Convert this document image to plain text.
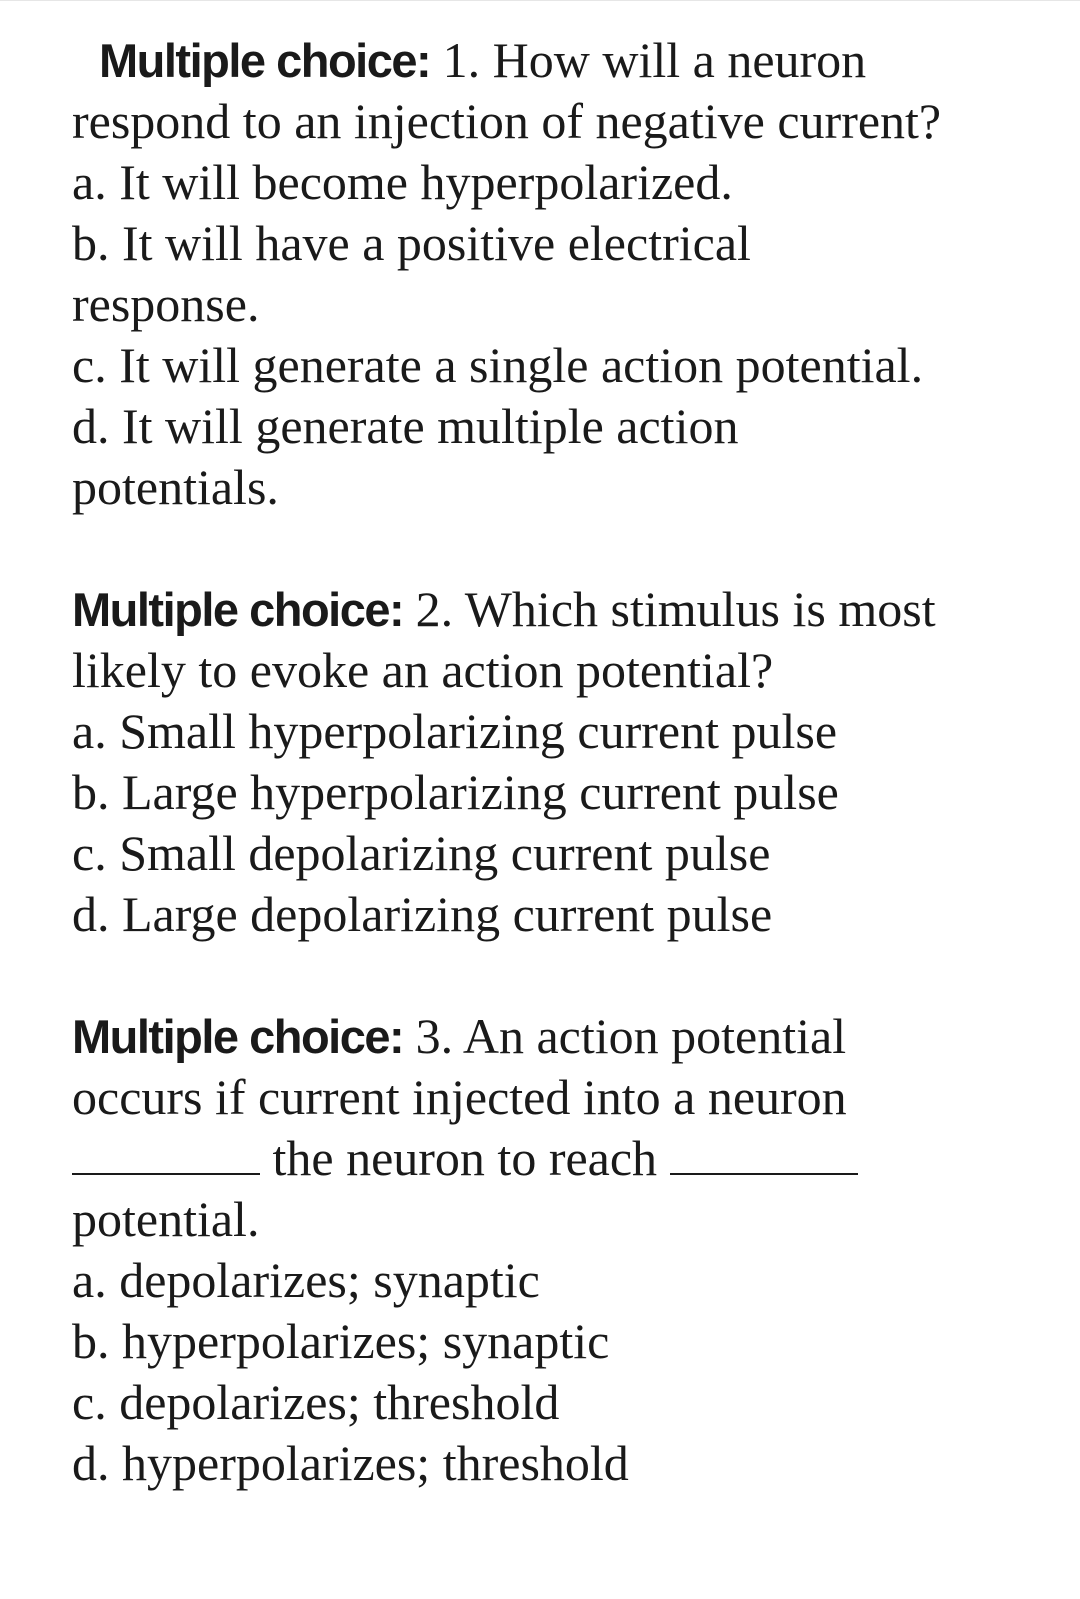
Multiple choice: 1. How will a neuron
respond to an injection of negative current?
a. It will become hyperpolarized.
b. It will have a positive electrical
response.
c. It will generate a single action potential.
d. It will generate multiple action
potentials.
Multiple choice: 2. Which stimulus is most
likely to evoke an action potential?
a. Small hyperpolarizing current pulse
b. Large hyperpolarizing current pulse
c. Small depolarizing current pulse
d. Large depolarizing current pulse
Multiple choice: 3. An action potential
occurs if current injected into a neuron
the neuron to reach
potential.
a. depolarizes; synaptic
b. hyperpolarizes; synaptic
c. depolarizes; threshold
d. hyperpolarizes; threshold
